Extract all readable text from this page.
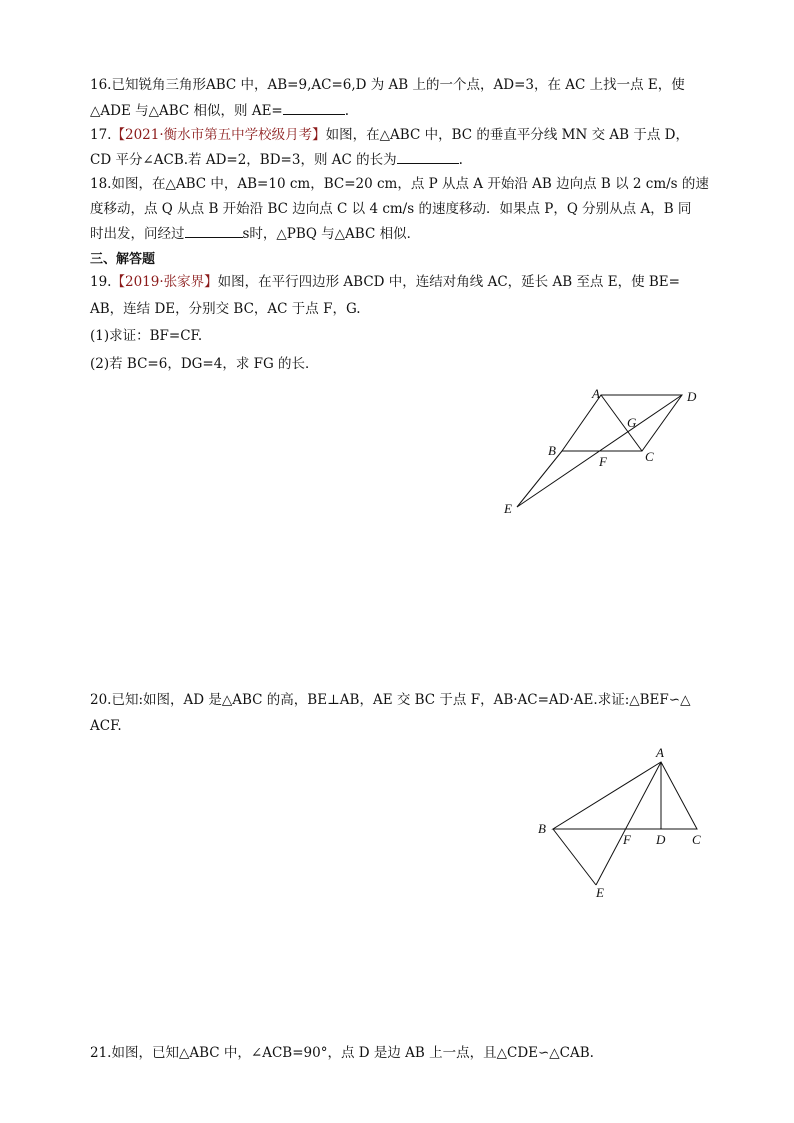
16.已知锐角三角形ABC 中，AB=9,AC=6,D 为 AB 上的一个点，AD=3，在 AC 上找一点 E，使
△ADE 与△ABC 相似，则 AE=	.
17.【2021·衡水市第五中学校级月考】如图，在△ABC 中，BC 的垂直平分线 MN 交 AB 于点 D，
CD 平分∠ACB.若 AD=2，BD=3，则 AC 的长为	.
18.如图，在△ABC 中，AB=10 cm，BC=20 cm，点 P 从点 A 开始沿 AB 边向点 B 以 2 cm/s 的速
度移动，点 Q 从点 B 开始沿 BC 边向点 C 以 4 cm/s 的速度移动．如果点 P，Q 分别从点 A，B 同
时出发，问经过	s时，△PBQ 与△ABC 相似．
三、解答题
19.【2019·张家界】如图，在平行四边形 ABCD 中，连结对角线 AC，延长 AB 至点 E，使 BE=
AB，连结 DE，分别交 BC，AC 于点 F，G.
(1)求证：BF=CF.
(2)若 BC=6，DG=4，求 FG 的长．
A	D
B	C
G
F
E
20.已知:如图，AD 是△ABC 的高，BE⊥AB，AE 交 BC 于点 F，AB·AC=AD·AE.求证:△BEF∽△
ACF.
A
B
F D C
E
21.如图，已知△ABC 中，∠ACB=90°，点 D 是边 AB 上一点，且△CDE∽△CAB.
